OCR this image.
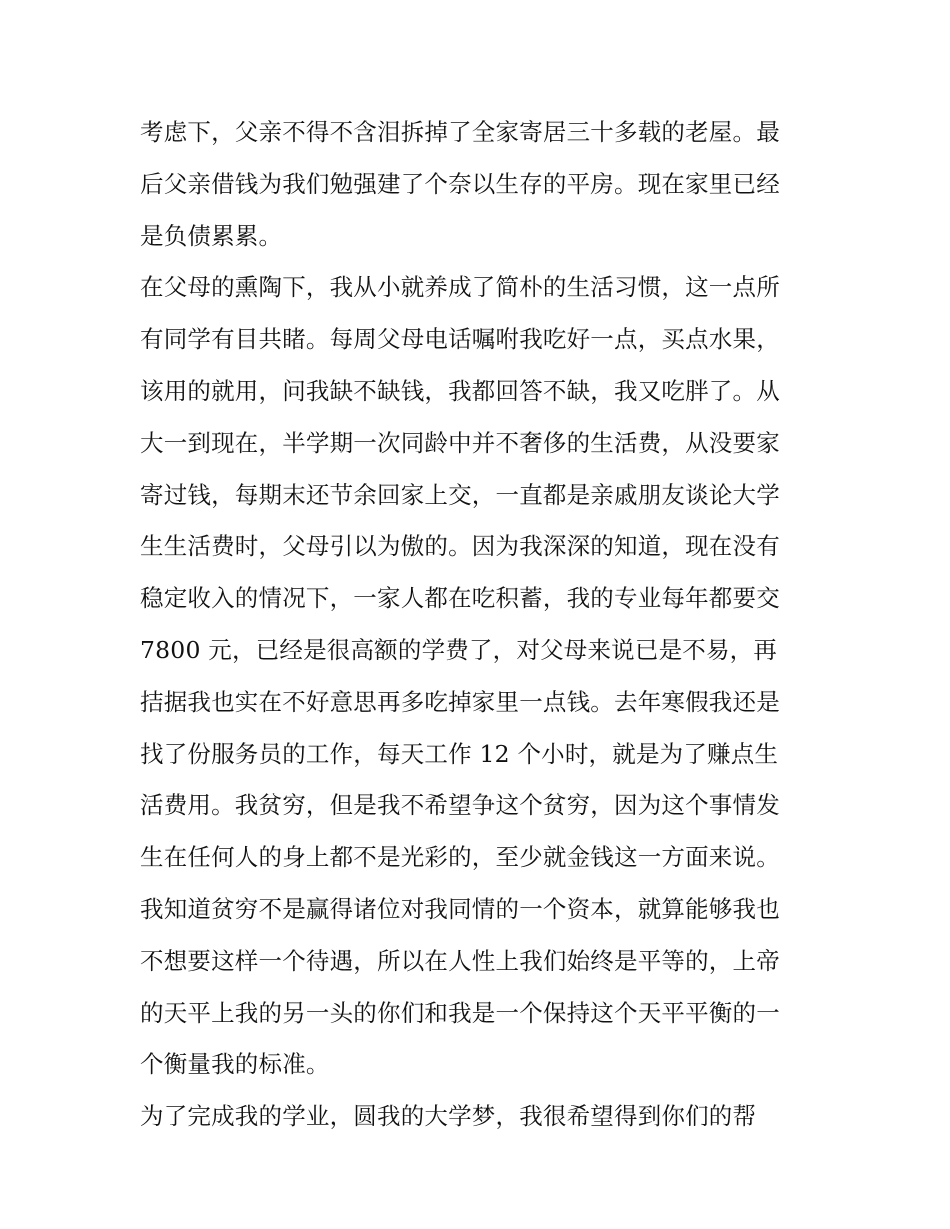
考虑下，父亲不得不含泪拆掉了全家寄居三十多载的老屋。最
后父亲借钱为我们勉强建了个奈以生存的平房。现在家里已经
是负债累累。
在父母的熏陶下，我从小就养成了简朴的生活习惯，这一点所
有同学有目共睹。每周父母电话嘱咐我吃好一点，买点水果，
该用的就用，问我缺不缺钱，我都回答不缺，我又吃胖了。从
大一到现在，半学期一次同龄中并不奢侈的生活费，从没要家
寄过钱，每期末还节余回家上交，一直都是亲戚朋友谈论大学
生生活费时，父母引以为傲的。因为我深深的知道，现在没有
稳定收入的情况下，一家人都在吃积蓄，我的专业每年都要交
7800 元，已经是很高额的学费了，对父母来说已是不易，再
拮据我也实在不好意思再多吃掉家里一点钱。去年寒假我还是
找了份服务员的工作，每天工作 12 个小时，就是为了赚点生
活费用。我贫穷，但是我不希望争这个贫穷，因为这个事情发
生在任何人的身上都不是光彩的，至少就金钱这一方面来说。
我知道贫穷不是赢得诸位对我同情的一个资本，就算能够我也
不想要这样一个待遇，所以在人性上我们始终是平等的，上帝
的天平上我的另一头的你们和我是一个保持这个天平平衡的一
个衡量我的标准。
为了完成我的学业，圆我的大学梦，我很希望得到你们的帮
